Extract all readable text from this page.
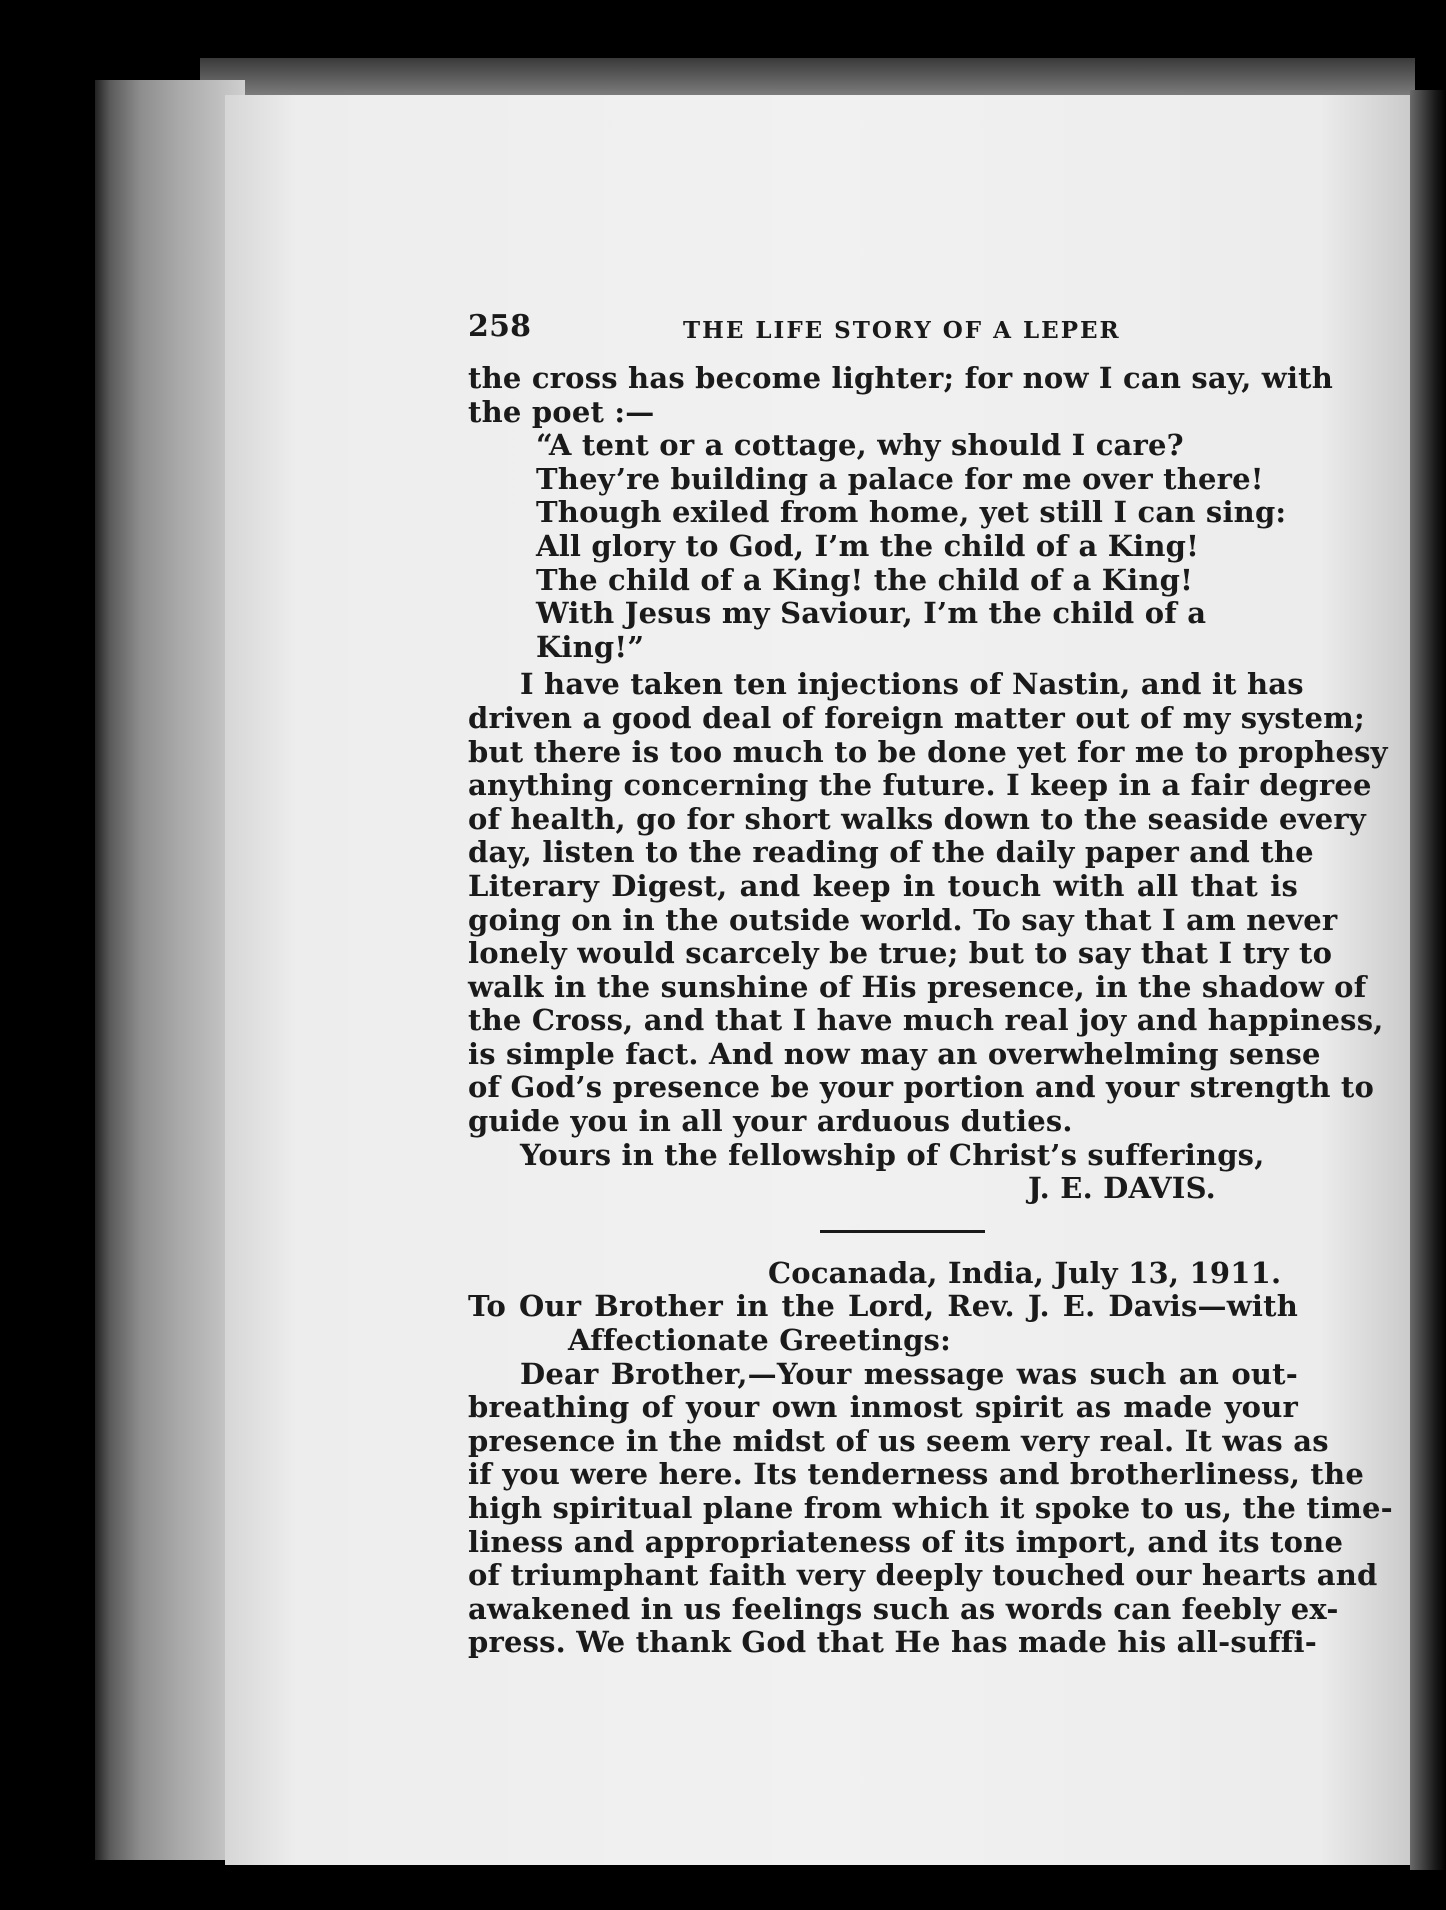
258	THE LIFE STORY OF A LEPER
the cross has become lighter; for now I can say, with
the poet :—
“A tent or a cottage, why should I care?
They’re building a palace for me over there!
Though exiled from home, yet still I can sing:
All glory to God, I’m the child of a King!
The child of a King! the child of a King!
With Jesus my Saviour, I’m the child of a King!”
I have taken ten injections of Nastin, and it has
driven a good deal of foreign matter out of my system;
but there is too much to be done yet for me to prophesy
anything concerning the future. I keep in a fair degree
of health, go for short walks down to the seaside every
day, listen to the reading of the daily paper and the
Literary Digest, and keep in touch with all that is
going on in the outside world. To say that I am never
lonely would scarcely be true; but to say that I try to
walk in the sunshine of His presence, in the shadow of
the Cross, and that I have much real joy and happiness,
is simple fact. And now may an overwhelming sense
of God’s presence be your portion and your strength to
guide you in all your arduous duties.
Yours in the fellowship of Christ’s sufferings,
J. E. DAVIS.
Cocanada, India, July 13, 1911.
To Our Brother in the Lord, Rev. J. E. Davis—with
Affectionate Greetings:
Dear Brother,—Your message was such an out-
breathing of your own inmost spirit as made your
presence in the midst of us seem very real. It was as
if you were here. Its tenderness and brotherliness, the
high spiritual plane from which it spoke to us, the time-
liness and appropriateness of its import, and its tone
of triumphant faith very deeply touched our hearts and
awakened in us feelings such as words can feebly ex-
press. We thank God that He has made his all-suffi-
